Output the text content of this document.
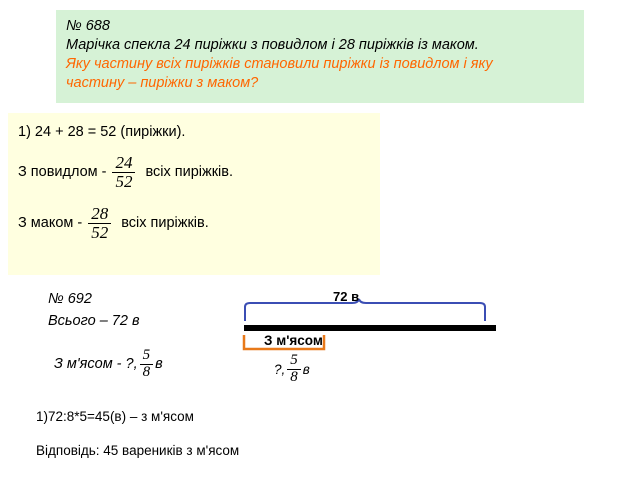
№ 688
Марічка спекла 24 пиріжки з повидлом і 28 пиріжків із маком.
Яку частину всіх пиріжків становили пиріжки із повидлом і яку
частину – пиріжки з маком?
1) 24 + 28 = 52 (пиріжки).
З повидлом - $\frac{24}{52}$ всіх пиріжків.
З маком - $\frac{28}{52}$ всіх пиріжків.
№ 692
Всього – 72 в
З м'ясом - ?, $\frac{5}{8}$ в
72 в
З м'ясом
?, $\frac{5}{8}$ в
1)72:8*5=45(в) – з м'ясом
Відповідь: 45 вареників з м'ясом
